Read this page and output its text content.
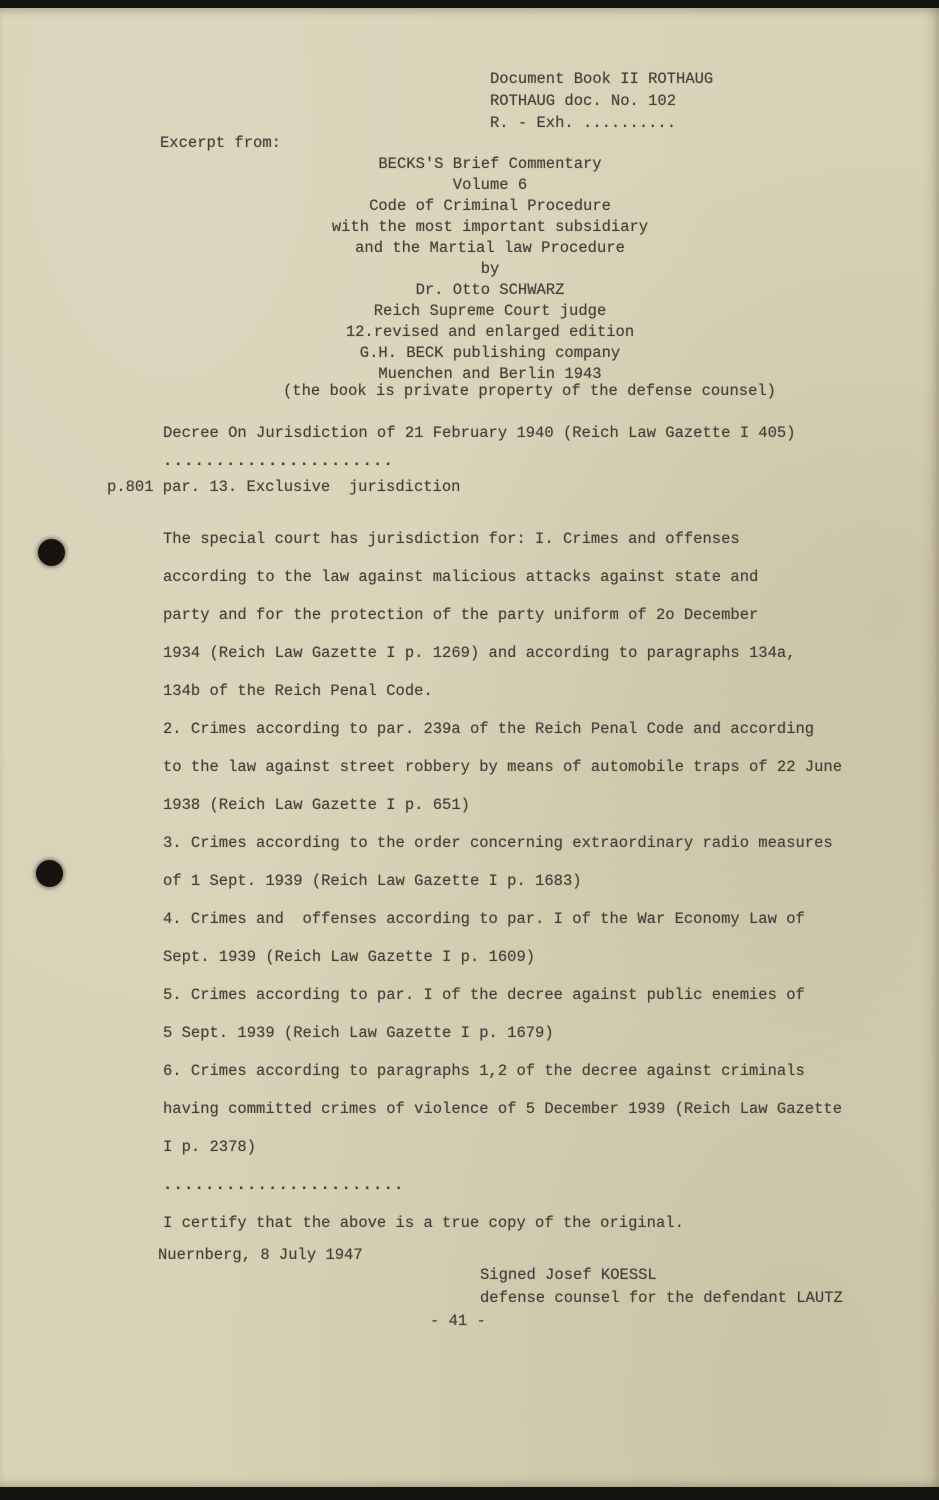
Document Book II ROTHAUG
ROTHAUG doc. No. 102
R. - Exh. ..........
Excerpt from:
BECKS'S Brief Commentary
Volume 6
Code of Criminal Procedure
with the most important subsidiary
and the Martial law Procedure
by
Dr. Otto SCHWARZ
Reich Supreme Court judge
12.revised and enlarged edition
G.H. BECK publishing company
Muenchen and Berlin 1943
(the book is private property of the defense counsel)
Decree On Jurisdiction of 21 February 1940 (Reich Law Gazette I 405)
......................
p.801 par. 13. Exclusive  jurisdiction
The special court has jurisdiction for: I. Crimes and offenses
according to the law against malicious attacks against state and
party and for the protection of the party uniform of 2o December
1934 (Reich Law Gazette I p. 1269) and according to paragraphs 134a,
134b of the Reich Penal Code.
2. Crimes according to par. 239a of the Reich Penal Code and according
to the law against street robbery by means of automobile traps of 22 June
1938 (Reich Law Gazette I p. 651)
3. Crimes according to the order concerning extraordinary radio measures
of 1 Sept. 1939 (Reich Law Gazette I p. 1683)
4. Crimes and  offenses according to par. I of the War Economy Law of
Sept. 1939 (Reich Law Gazette I p. 1609)
5. Crimes according to par. I of the decree against public enemies of
5 Sept. 1939 (Reich Law Gazette I p. 1679)
6. Crimes according to paragraphs 1,2 of the decree against criminals
having committed crimes of violence of 5 December 1939 (Reich Law Gazette
I p. 2378)
.......................
I certify that the above is a true copy of the original.
Nuernberg, 8 July 1947
Signed Josef KOESSL
defense counsel for the defendant LAUTZ
- 41 -
